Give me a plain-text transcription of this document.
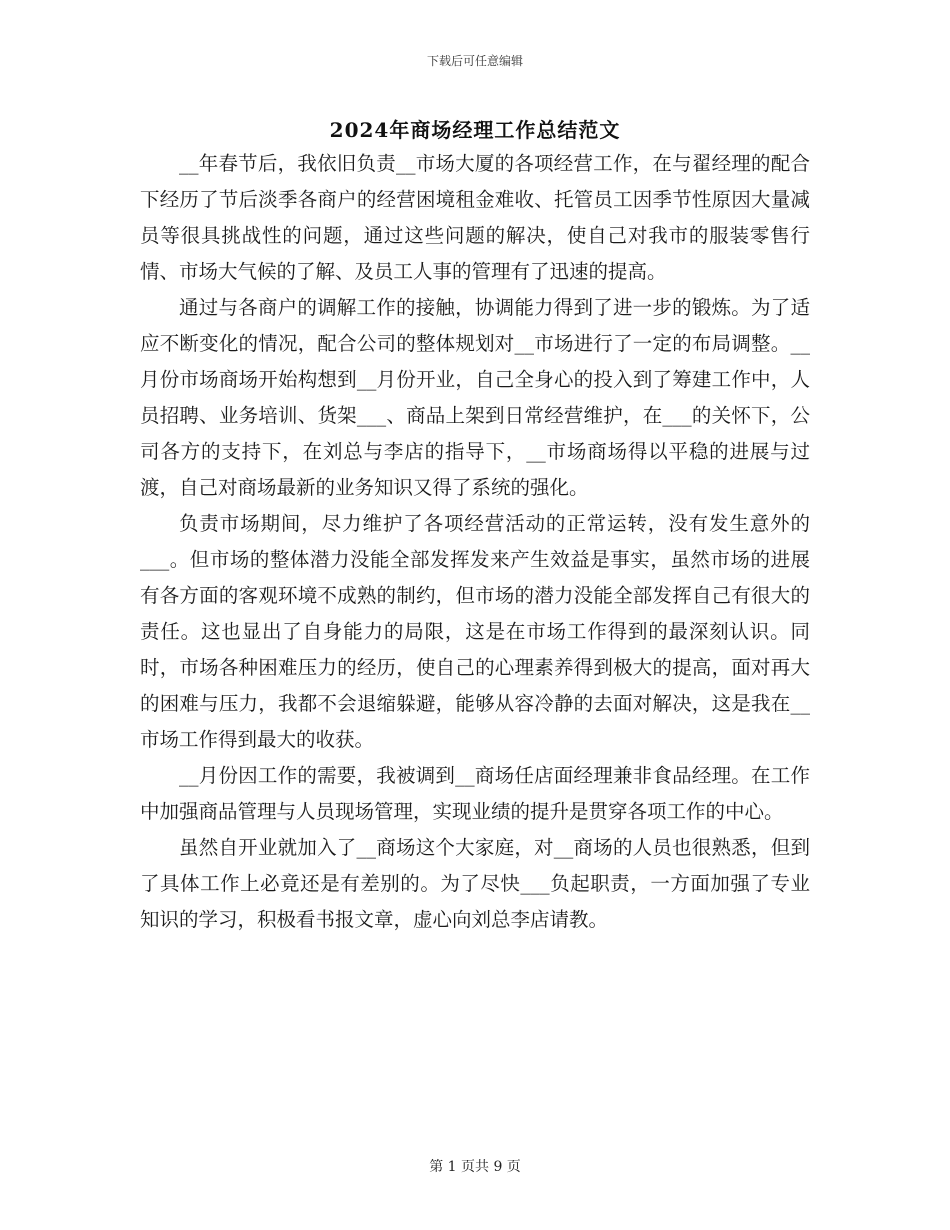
下载后可任意编辑
2024年商场经理工作总结范文

__年春节后，我依旧负责__市场大厦的各项经营工作，在与翟经理的配合下经历了节后淡季各商户的经营困境租金难收、托管员工因季节性原因大量减员等很具挑战性的问题，通过这些问题的解决，使自己对我市的服装零售行情、市场大气候的了解、及员工人事的管理有了迅速的提高。

通过与各商户的调解工作的接触，协调能力得到了进一步的锻炼。为了适应不断变化的情况，配合公司的整体规划对__市场进行了一定的布局调整。__月份市场商场开始构想到__月份开业，自己全身心的投入到了筹建工作中，人员招聘、业务培训、货架___、商品上架到日常经营维护，在___的关怀下，公司各方的支持下，在刘总与李店的指导下，__市场商场得以平稳的进展与过渡，自己对商场最新的业务知识又得了系统的强化。

负责市场期间，尽力维护了各项经营活动的正常运转，没有发生意外的___。但市场的整体潜力没能全部发挥发来产生效益是事实，虽然市场的进展有各方面的客观环境不成熟的制约，但市场的潜力没能全部发挥自己有很大的责任。这也显出了自身能力的局限，这是在市场工作得到的最深刻认识。同时，市场各种困难压力的经历，使自己的心理素养得到极大的提高，面对再大的困难与压力，我都不会退缩躲避，能够从容冷静的去面对解决，这是我在__市场工作得到最大的收获。

__月份因工作的需要，我被调到__商场任店面经理兼非食品经理。在工作中加强商品管理与人员现场管理，实现业绩的提升是贯穿各项工作的中心。

虽然自开业就加入了__商场这个大家庭，对__商场的人员也很熟悉，但到了具体工作上必竟还是有差别的。为了尽快___负起职责，一方面加强了专业知识的学习，积极看书报文章，虚心向刘总李店请教。

第 1 页共 9 页
